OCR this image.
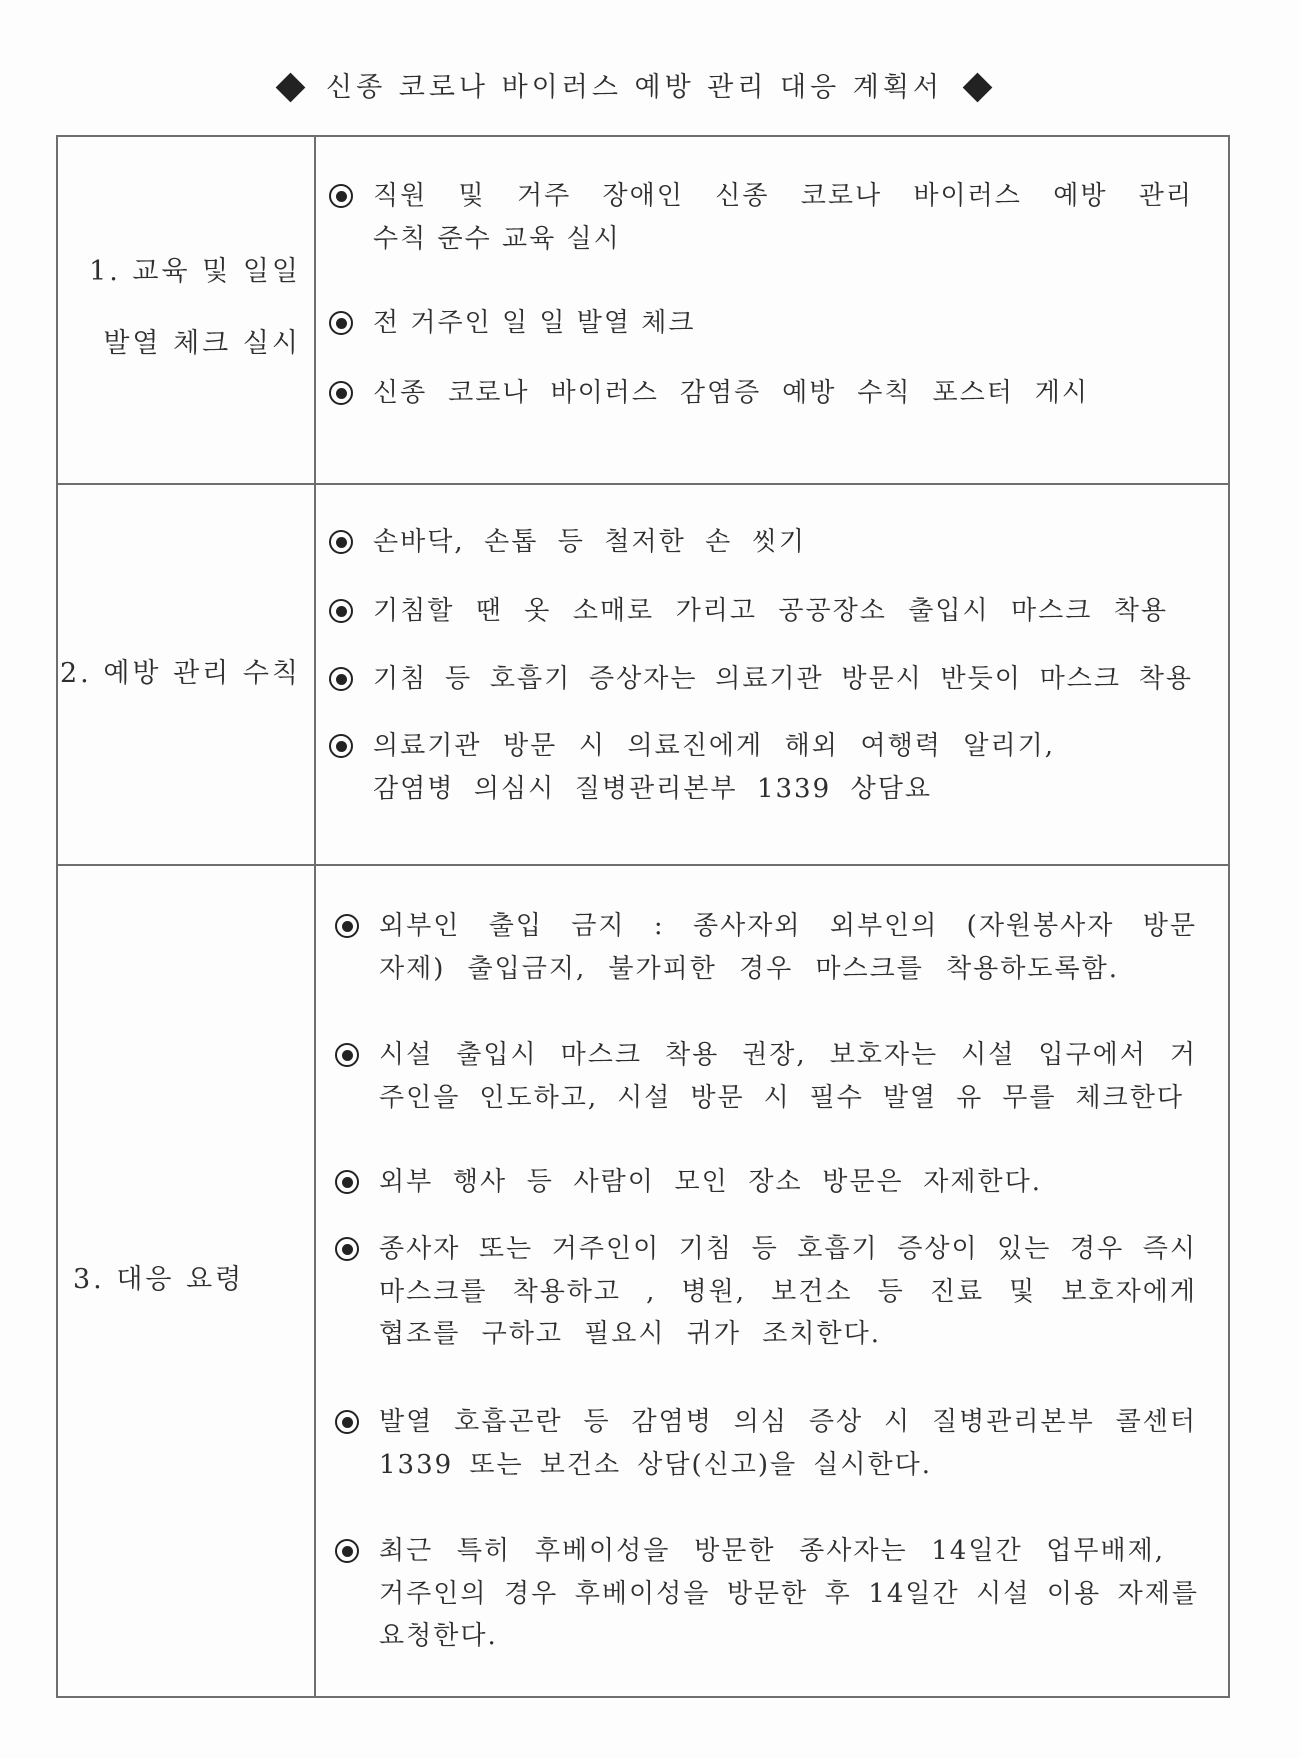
신종 코로나 바이러스 예방 관리 대응 계획서
1. 교육 및 일일
발열 체크 실시
직원 및 거주 장애인 신종 코로나 바이러스 예방 관리
수칙 준수 교육 실시
전 거주인 일 일 발열 체크
신종 코로나 바이러스 감염증 예방 수칙 포스터 게시
2. 예방 관리 수칙
손바닥, 손톱 등 철저한 손 씻기
기침할 땐 옷 소매로 가리고 공공장소 출입시 마스크 착용
기침 등 호흡기 증상자는 의료기관 방문시 반듯이 마스크 착용
의료기관 방문 시 의료진에게 해외 여행력 알리기,
감염병 의심시 질병관리본부 1339 상담요
3. 대응 요령
외부인 출입 금지 : 종사자외 외부인의 (자원봉사자 방문
자제) 출입금지, 불가피한 경우 마스크를 착용하도록함.
시설 출입시 마스크 착용 권장, 보호자는 시설 입구에서 거
주인을 인도하고, 시설 방문 시 필수 발열 유 무를 체크한다
외부 행사 등 사람이 모인 장소 방문은 자제한다.
종사자 또는 거주인이 기침 등 호흡기 증상이 있는 경우 즉시
마스크를 착용하고 , 병원, 보건소 등 진료 및 보호자에게
협조를 구하고 필요시 귀가 조치한다.
발열 호흡곤란 등 감염병 의심 증상 시 질병관리본부 콜센터
1339 또는 보건소 상담(신고)을 실시한다.
최근 특히 후베이성을 방문한 종사자는 14일간 업무배제,
거주인의 경우 후베이성을 방문한 후 14일간 시설 이용 자제를
요청한다.
